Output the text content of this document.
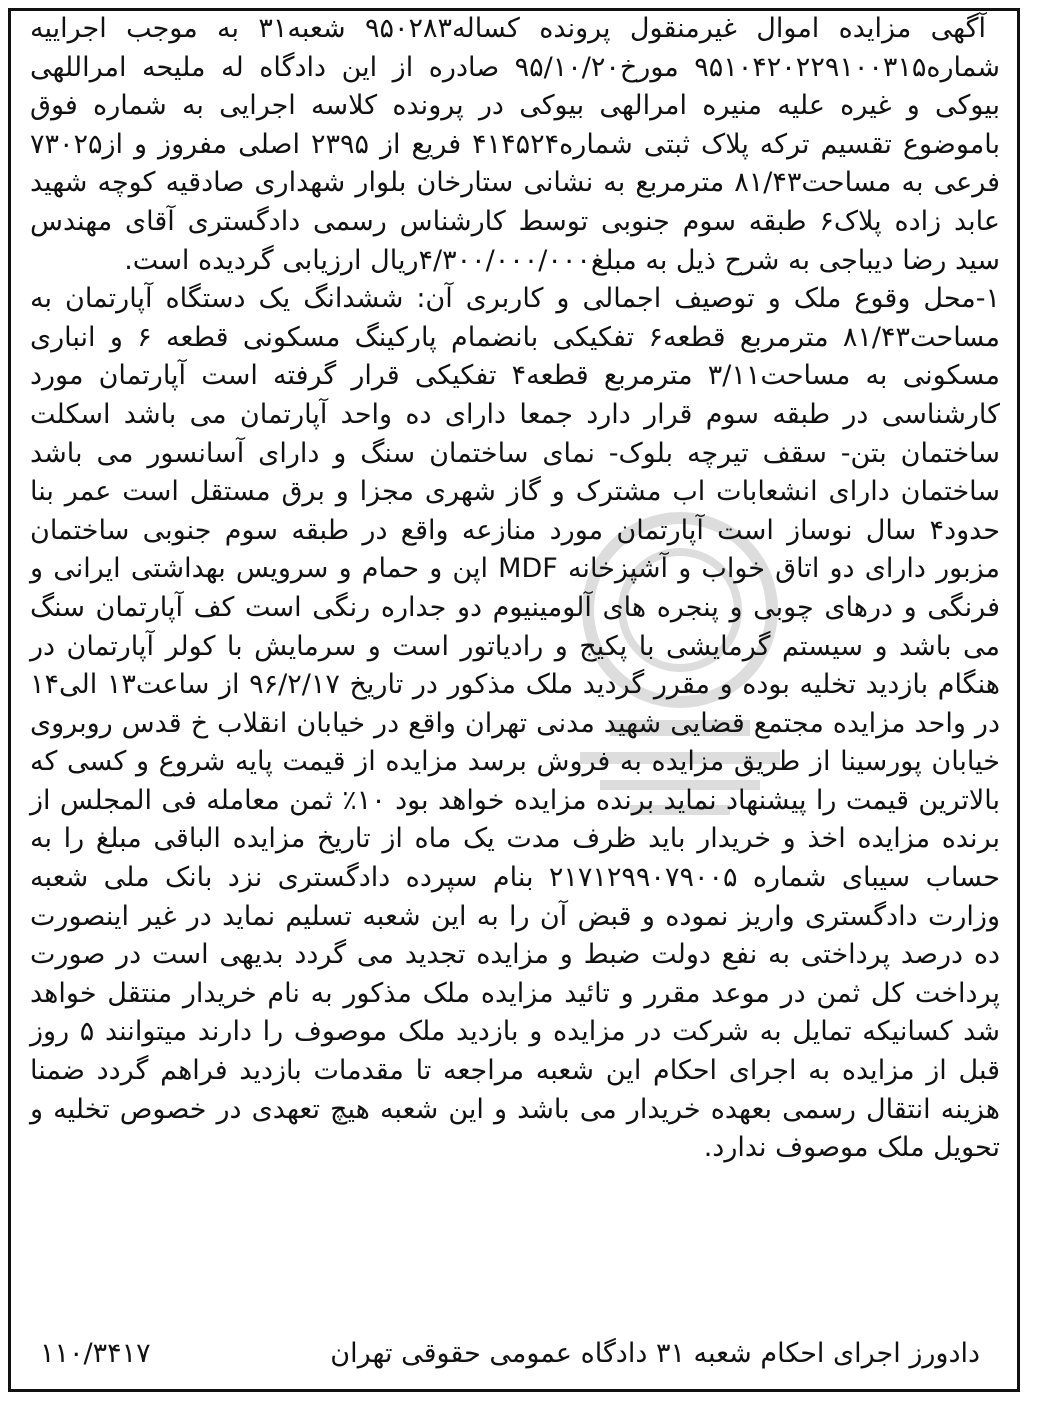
آگهی مزایده اموال غیرمنقول پرونده کساله۹۵۰۲۸۳ شعبه۳۱ به موجب اجراییه شماره۹۵۱۰۴۲۰۲۲۹۱۰۰۳۱۵ مورخ۹۵/۱۰/۲۰ صادره از این دادگاه له ملیحه امراللهی بیوکی و غیره علیه منیره امرالهی بیوکی در پرونده کلاسه اجرایی به شماره فوق باموضوع تقسیم ترکه پلاک ثبتی شماره۴۱۴۵۲۴ فریع از ۲۳۹۵ اصلی مفروز و از۷۳۰۲۵ فرعی به مساحت۸۱/۴۳ مترمربع به نشانی ستارخان بلوار شهداری صادقیه کوچه شهید عابد زاده پلاک۶ طبقه سوم جنوبی توسط کارشناس رسمی دادگستری آقای مهندس سید رضا دیباجی به شرح ذیل به مبلغ۴/۳۰۰/۰۰۰/۰۰۰ریال ارزیابی گردیده است.

۱-محل وقوع ملک و توصیف اجمالی و کاربری آن: ششدانگ یک دستگاه آپارتمان به مساحت۸۱/۴۳ مترمربع قطعه۶ تفکیکی بانضمام پارکینگ مسکونی قطعه ۶ و انباری مسکونی به مساحت۳/۱۱ مترمربع قطعه۴ تفکیکی قرار گرفته است آپارتمان مورد کارشناسی در طبقه سوم قرار دارد جمعا دارای ده واحد آپارتمان می باشد اسکلت ساختمان بتن- سقف تیرچه بلوک- نمای ساختمان سنگ و دارای آسانسور می باشد ساختمان دارای انشعابات اب مشترک و گاز شهری مجزا و برق مستقل است عمر بنا حدود۴ سال نوساز است آپارتمان مورد منازعه واقع در طبقه سوم جنوبی ساختمان مزبور دارای دو اتاق خواب و آشپزخانه MDF اپن و حمام و سرویس بهداشتی ایرانی و فرنگی و درهای چوبی و پنجره های آلومینیوم دو جداره رنگی است کف آپارتمان سنگ می باشد و سیستم گرمایشی با پکیج و رادیاتور است و سرمایش با کولر آپارتمان در هنگام بازدید تخلیه بوده و مقرر گردید ملک مذکور در تاریخ ۹۶/۲/۱۷ از ساعت۱۳ الی۱۴ در واحد مزایده مجتمع قضایی شهید مدنی تهران واقع در خیابان انقلاب خ قدس روبروی خیابان پورسینا از طریق مزایده به فروش برسد مزایده از قیمت پایه شروع و کسی که بالاترین قیمت را پیشنهاد نماید برنده مزایده خواهد بود ۱۰٪ ثمن معامله فی المجلس از برنده مزایده اخذ و خریدار باید ظرف مدت یک ماه از تاریخ مزایده الباقی مبلغ را به حساب سیبای شماره ۲۱۷۱۲۹۹۰۷۹۰۰۵ بنام سپرده دادگستری نزد بانک ملی شعبه وزارت دادگستری واریز نموده و قبض آن را به این شعبه تسلیم نماید در غیر اینصورت ده درصد پرداختی به نفع دولت ضبط و مزایده تجدید می گردد بدیهی است در صورت پرداخت کل ثمن در موعد مقرر و تائید مزایده ملک مذکور به نام خریدار منتقل خواهد شد کسانیکه تمایل به شرکت در مزایده و بازدید ملک موصوف را دارند میتوانند ۵ روز قبل از مزایده به اجرای احکام این شعبه مراجعه تا مقدمات بازدید فراهم گردد ضمنا هزینه انتقال رسمی بعهده خریدار می باشد و این شعبه هیچ تعهدی در خصوص تخلیه و تحویل ملک موصوف ندارد.

دادورز اجرای احکام شعبه ۳۱ دادگاه عمومی حقوقی تهران
۱۱۰/۳۴۱۷
